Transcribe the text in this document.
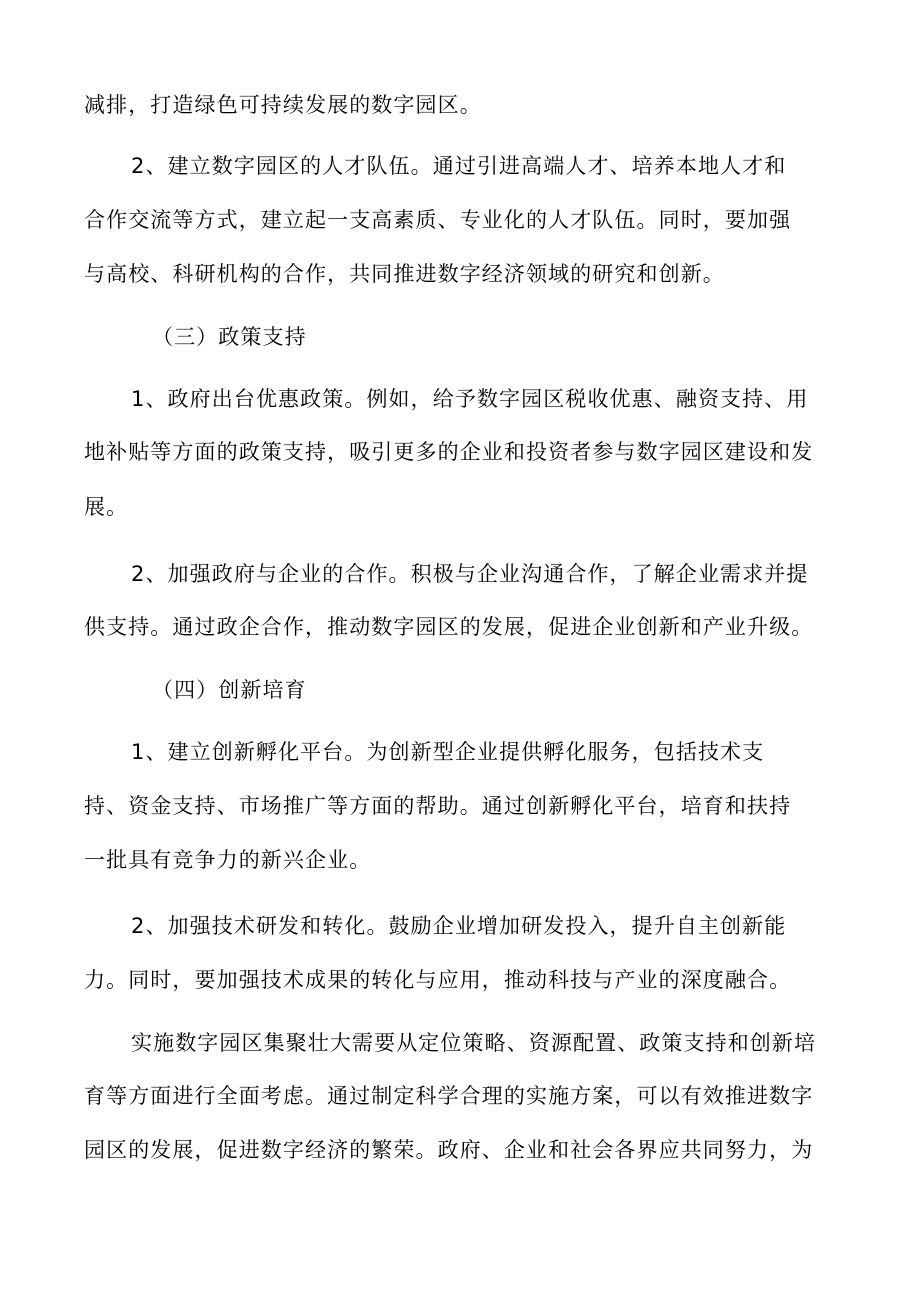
减排，打造绿色可持续发展的数字园区。
2、建立数字园区的人才队伍。通过引进高端人才、培养本地人才和
合作交流等方式，建立起一支高素质、专业化的人才队伍。同时，要加强
与高校、科研机构的合作，共同推进数字经济领域的研究和创新。
（三）政策支持
1、政府出台优惠政策。例如，给予数字园区税收优惠、融资支持、用
地补贴等方面的政策支持，吸引更多的企业和投资者参与数字园区建设和发
展。
2、加强政府与企业的合作。积极与企业沟通合作，了解企业需求并提
供支持。通过政企合作，推动数字园区的发展，促进企业创新和产业升级。
（四）创新培育
1、建立创新孵化平台。为创新型企业提供孵化服务，包括技术支
持、资金支持、市场推广等方面的帮助。通过创新孵化平台，培育和扶持
一批具有竞争力的新兴企业。
2、加强技术研发和转化。鼓励企业增加研发投入，提升自主创新能
力。同时，要加强技术成果的转化与应用，推动科技与产业的深度融合。
实施数字园区集聚壮大需要从定位策略、资源配置、政策支持和创新培
育等方面进行全面考虑。通过制定科学合理的实施方案，可以有效推进数字
园区的发展，促进数字经济的繁荣。政府、企业和社会各界应共同努力，为
